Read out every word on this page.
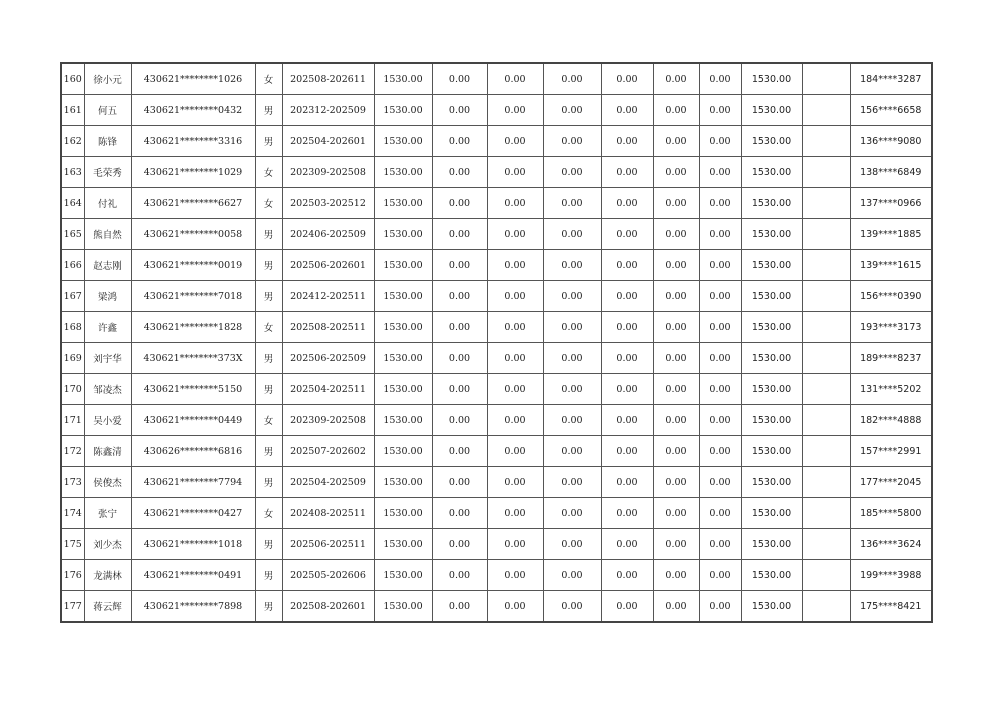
160	徐小元	430621********1026	女	202508-202611	1530.00	0.00	0.00	0.00	0.00	0.00	0.00	1530.00		184****3287
161	何五	430621********0432	男	202312-202509	1530.00	0.00	0.00	0.00	0.00	0.00	0.00	1530.00		156****6658
162	陈锋	430621********3316	男	202504-202601	1530.00	0.00	0.00	0.00	0.00	0.00	0.00	1530.00		136****9080
163	毛荣秀	430621********1029	女	202309-202508	1530.00	0.00	0.00	0.00	0.00	0.00	0.00	1530.00		138****6849
164	付礼	430621********6627	女	202503-202512	1530.00	0.00	0.00	0.00	0.00	0.00	0.00	1530.00		137****0966
165	熊自然	430621********0058	男	202406-202509	1530.00	0.00	0.00	0.00	0.00	0.00	0.00	1530.00		139****1885
166	赵志刚	430621********0019	男	202506-202601	1530.00	0.00	0.00	0.00	0.00	0.00	0.00	1530.00		139****1615
167	梁鸿	430621********7018	男	202412-202511	1530.00	0.00	0.00	0.00	0.00	0.00	0.00	1530.00		156****0390
168	许鑫	430621********1828	女	202508-202511	1530.00	0.00	0.00	0.00	0.00	0.00	0.00	1530.00		193****3173
169	刘宇华	430621********373X	男	202506-202509	1530.00	0.00	0.00	0.00	0.00	0.00	0.00	1530.00		189****8237
170	邹凌杰	430621********5150	男	202504-202511	1530.00	0.00	0.00	0.00	0.00	0.00	0.00	1530.00		131****5202
171	吴小爱	430621********0449	女	202309-202508	1530.00	0.00	0.00	0.00	0.00	0.00	0.00	1530.00		182****4888
172	陈鑫清	430626********6816	男	202507-202602	1530.00	0.00	0.00	0.00	0.00	0.00	0.00	1530.00		157****2991
173	侯俊杰	430621********7794	男	202504-202509	1530.00	0.00	0.00	0.00	0.00	0.00	0.00	1530.00		177****2045
174	张宁	430621********0427	女	202408-202511	1530.00	0.00	0.00	0.00	0.00	0.00	0.00	1530.00		185****5800
175	刘少杰	430621********1018	男	202506-202511	1530.00	0.00	0.00	0.00	0.00	0.00	0.00	1530.00		136****3624
176	龙满林	430621********0491	男	202505-202606	1530.00	0.00	0.00	0.00	0.00	0.00	0.00	1530.00		199****3988
177	蒋云辉	430621********7898	男	202508-202601	1530.00	0.00	0.00	0.00	0.00	0.00	0.00	1530.00		175****8421
